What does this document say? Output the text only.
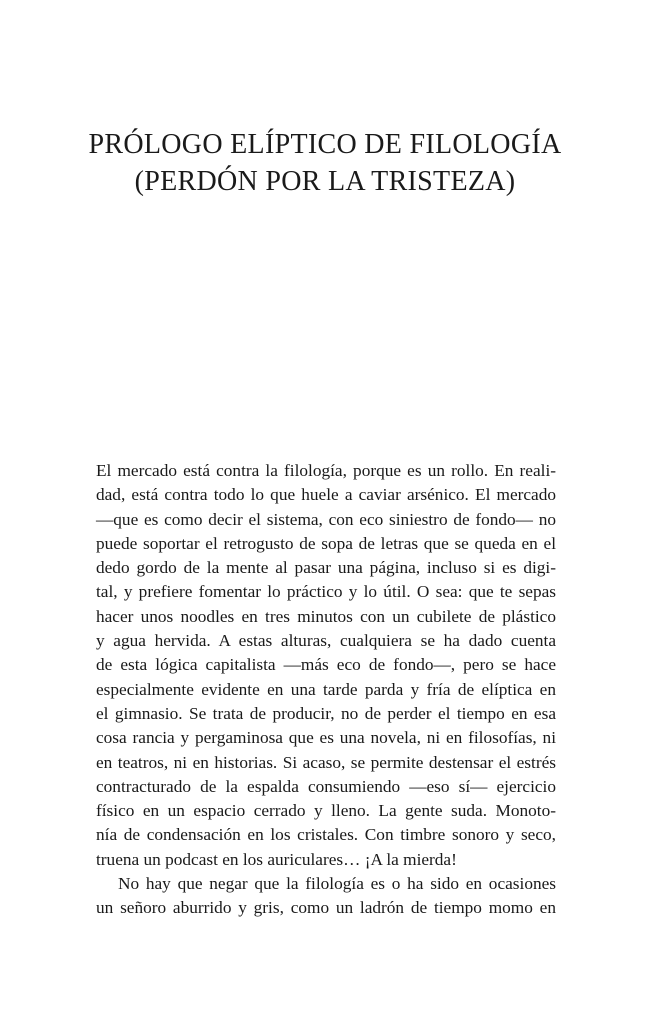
PRÓLOGO ELÍPTICO DE FILOLOGÍA
(PERDÓN POR LA TRISTEZA)
El mercado está contra la filología, porque es un rollo. En reali-
dad, está contra todo lo que huele a caviar arsénico. El mercado
—que es como decir el sistema, con eco siniestro de fondo— no
puede soportar el retrogusto de sopa de letras que se queda en el
dedo gordo de la mente al pasar una página, incluso si es digi-
tal, y prefiere fomentar lo práctico y lo útil. O sea: que te sepas
hacer unos noodles en tres minutos con un cubilete de plástico
y agua hervida. A estas alturas, cualquiera se ha dado cuenta
de esta lógica capitalista —más eco de fondo—, pero se hace
especialmente evidente en una tarde parda y fría de elíptica en
el gimnasio. Se trata de producir, no de perder el tiempo en esa
cosa rancia y pergaminosa que es una novela, ni en filosofías, ni
en teatros, ni en historias. Si acaso, se permite destensar el estrés
contracturado de la espalda consumiendo —eso sí— ejercicio
físico en un espacio cerrado y lleno. La gente suda. Monoto-
nía de condensación en los cristales. Con timbre sonoro y seco,
truena un podcast en los auriculares… ¡A la mierda!
No hay que negar que la filología es o ha sido en ocasiones
un señoro aburrido y gris, como un ladrón de tiempo momo en
